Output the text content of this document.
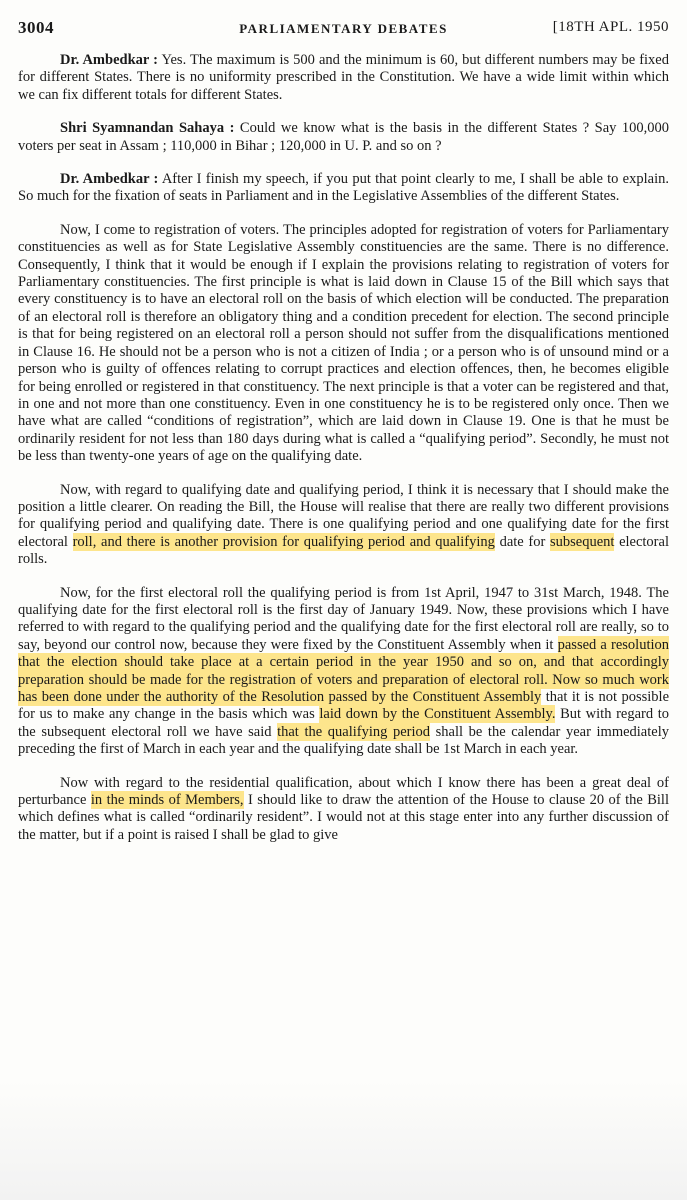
3004	PARLIAMENTARY DEBATES	[18TH APL. 1950

Dr. Ambedkar : Yes. The maximum is 500 and the minimum is 60, but different numbers may be fixed for different States. There is no uniformity prescribed in the Constitution. We have a wide limit within which we can fix different totals for different States.

Shri Syamnandan Sahaya : Could we know what is the basis in the different States ? Say 100,000 voters per seat in Assam ; 110,000 in Bihar ; 120,000 in U. P. and so on ?

Dr. Ambedkar : After I finish my speech, if you put that point clearly to me, I shall be able to explain. So much for the fixation of seats in Parliament and in the Legislative Assemblies of the different States.

Now, I come to registration of voters. The principles adopted for registration of voters for Parliamentary constituencies as well as for State Legislative Assembly constituencies are the same. There is no difference. Consequently, I think that it would be enough if I explain the provisions relating to registration of voters for Parliamentary constituencies. The first principle is what is laid down in Clause 15 of the Bill which says that every constituency is to have an electoral roll on the basis of which election will be conducted. The preparation of an electoral roll is therefore an obligatory thing and a condition precedent for election. The second principle is that for being registered on an electoral roll a person should not suffer from the disqualifications mentioned in Clause 16. He should not be a person who is not a citizen of India ; or a person who is of unsound mind or a person who is guilty of offences relating to corrupt practices and election offences, then, he becomes eligible for being enrolled or registered in that constituency. The next principle is that a voter can be registered and that, in one and not more than one constituency. Even in one constituency he is to be registered only once. Then we have what are called “conditions of registration”, which are laid down in Clause 19. One is that he must be ordinarily resident for not less than 180 days during what is called a “qualifying period”. Secondly, he must not be less than twenty-one years of age on the qualifying date.

Now, with regard to qualifying date and qualifying period, I think it is necessary that I should make the position a little clearer. On reading the Bill, the House will realise that there are really two different provisions for qualifying period and qualifying date. There is one qualifying period and one qualifying date for the first electoral roll, and there is another provision for qualifying period and qualifying date for subsequent electoral rolls.

Now, for the first electoral roll the qualifying period is from 1st April, 1947 to 31st March, 1948. The qualifying date for the first electoral roll is the first day of January 1949. Now, these provisions which I have referred to with regard to the qualifying period and the qualifying date for the first electoral roll are really, so to say, beyond our control now, because they were fixed by the Constituent Assembly when it passed a resolution that the election should take place at a certain period in the year 1950 and so on, and that accordingly preparation should be made for the registration of voters and preparation of electoral roll. Now so much work has been done under the authority of the Resolution passed by the Constituent Assembly that it is not possible for us to make any change in the basis which was laid down by the Constituent Assembly. But with regard to the subsequent electoral roll we have said that the qualifying period shall be the calendar year immediately preceding the first of March in each year and the qualifying date shall be 1st March in each year.

Now with regard to the residential qualification, about which I know there has been a great deal of perturbance in the minds of Members, I should like to draw the attention of the House to clause 20 of the Bill which defines what is called “ordinarily resident”. I would not at this stage enter into any further discussion of the matter, but if a point is raised I shall be glad to give
